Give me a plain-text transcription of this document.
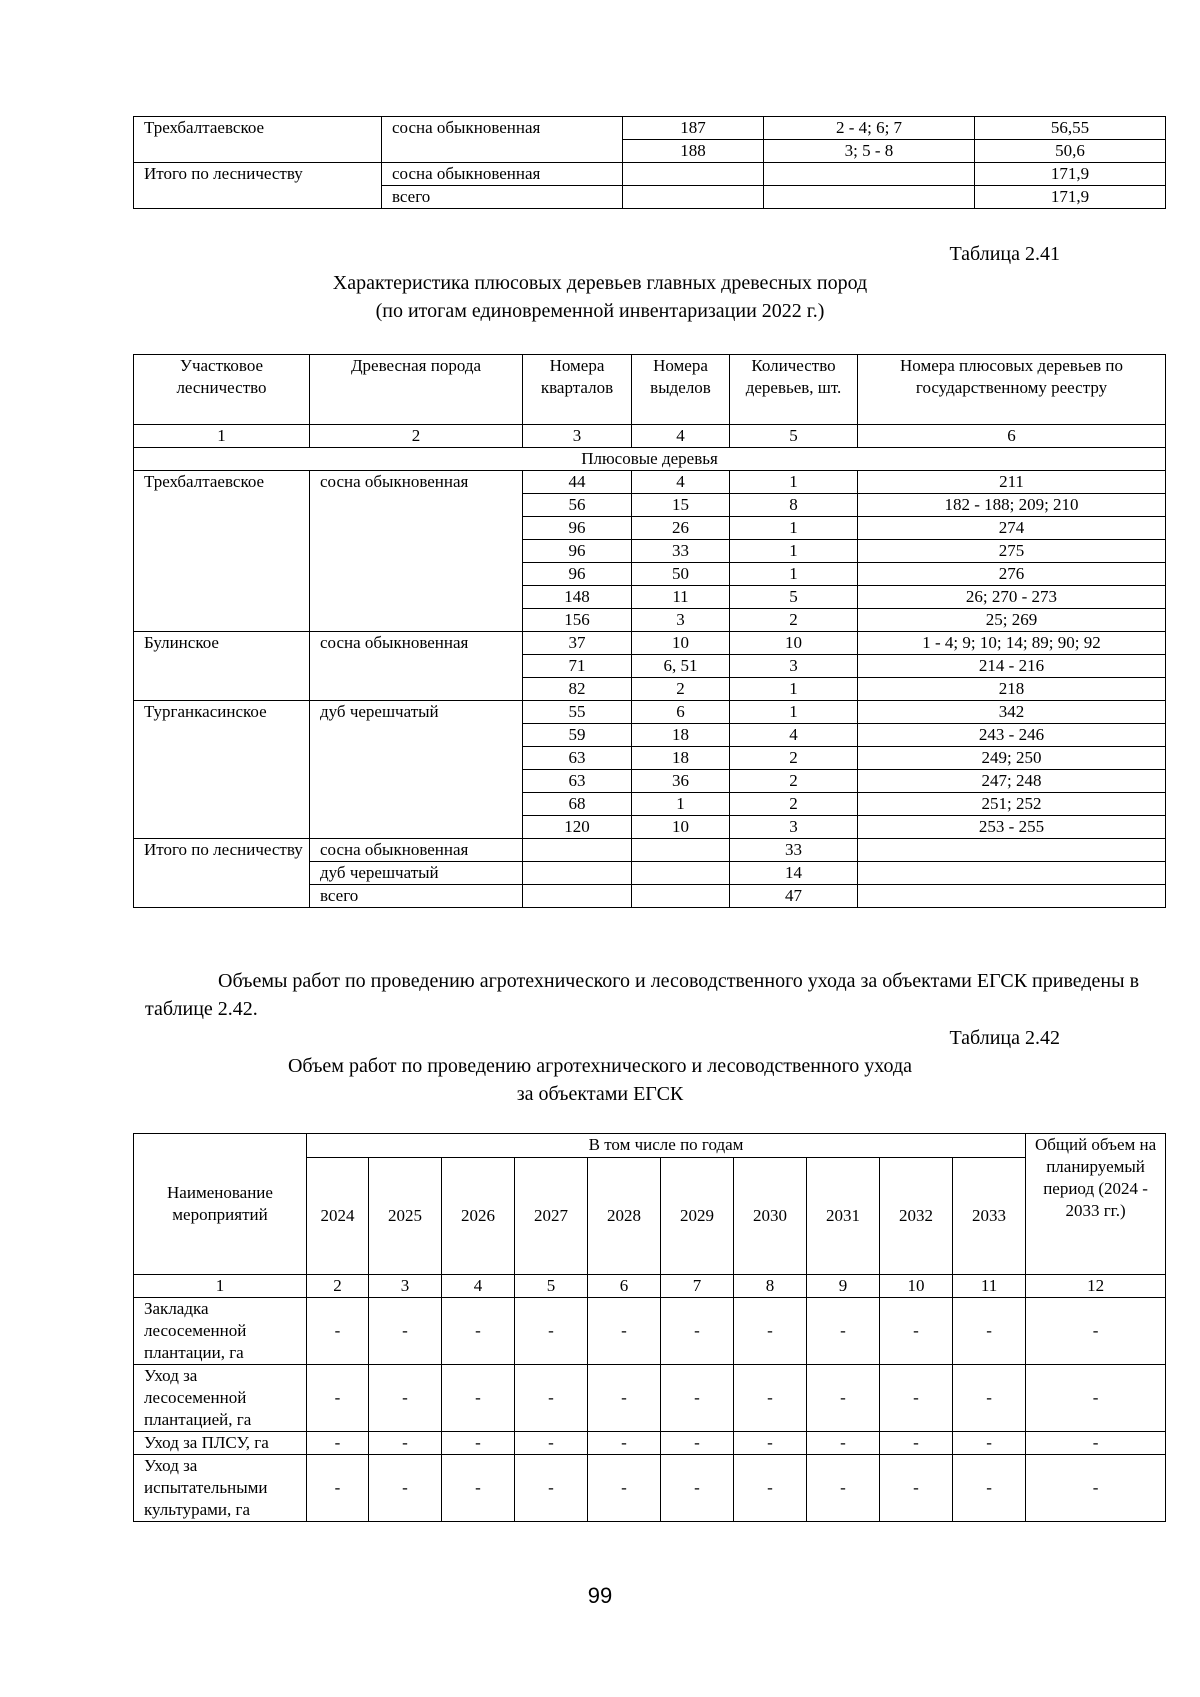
Трехбалтаевское	сосна обыкновенная	187	2 - 4; 6; 7	56,55
		188	3; 5 - 8	50,6
Итого по лесничеству	сосна обыкновенная			171,9
	всего			171,9
Таблица 2.41
Характеристика плюсовых деревьев главных древесных пород
(по итогам единовременной инвентаризации 2022 г.)
Участковое лесничество	Древесная порода	Номера кварталов	Номера выделов	Количество деревьев, шт.	Номера плюсовых деревьев по государственному реестру
1	2	3	4	5	6
Плюсовые деревья					
Трехбалтаевское	сосна обыкновенная	44	4	1	211
		56	15	8	182 - 188; 209; 210
		96	26	1	274
		96	33	1	275
		96	50	1	276
		148	11	5	26; 270 - 273
		156	3	2	25; 269
Булинское	сосна обыкновенная	37	10	10	1 - 4; 9; 10; 14; 89; 90; 92
		71	6, 51	3	214 - 216
		82	2	1	218
Турганкасинское	дуб черешчатый	55	6	1	342
		59	18	4	243 - 246
		63	18	2	249; 250
		63	36	2	247; 248
		68	1	2	251; 252
		120	10	3	253 - 255
Итого по лесничеству	сосна обыкновенная			33	
	дуб черешчатый			14	
	всего			47	
Объемы работ по проведению агротехнического и лесоводственного ухода за объектами ЕГСК приведены в таблице 2.42.
Таблица 2.42
Объем работ по проведению агротехнического и лесоводственного ухода
за объектами ЕГСК
Наименование мероприятий	В том числе по годам										Общий объем на планируемый период (2024 - 2033 гг.)
	2024	2025	2026	2027	2028	2029	2030	2031	2032	2033	
1	2	3	4	5	6	7	8	9	10	11	12
Закладка лесосеменной плантации, га	-	-	-	-	-	-	-	-	-	-	-
Уход за лесосеменной плантацией, га	-	-	-	-	-	-	-	-	-	-	-
Уход за ПЛСУ, га	-	-	-	-	-	-	-	-	-	-	-
Уход за испытательными культурами, га	-	-	-	-	-	-	-	-	-	-	-
99
